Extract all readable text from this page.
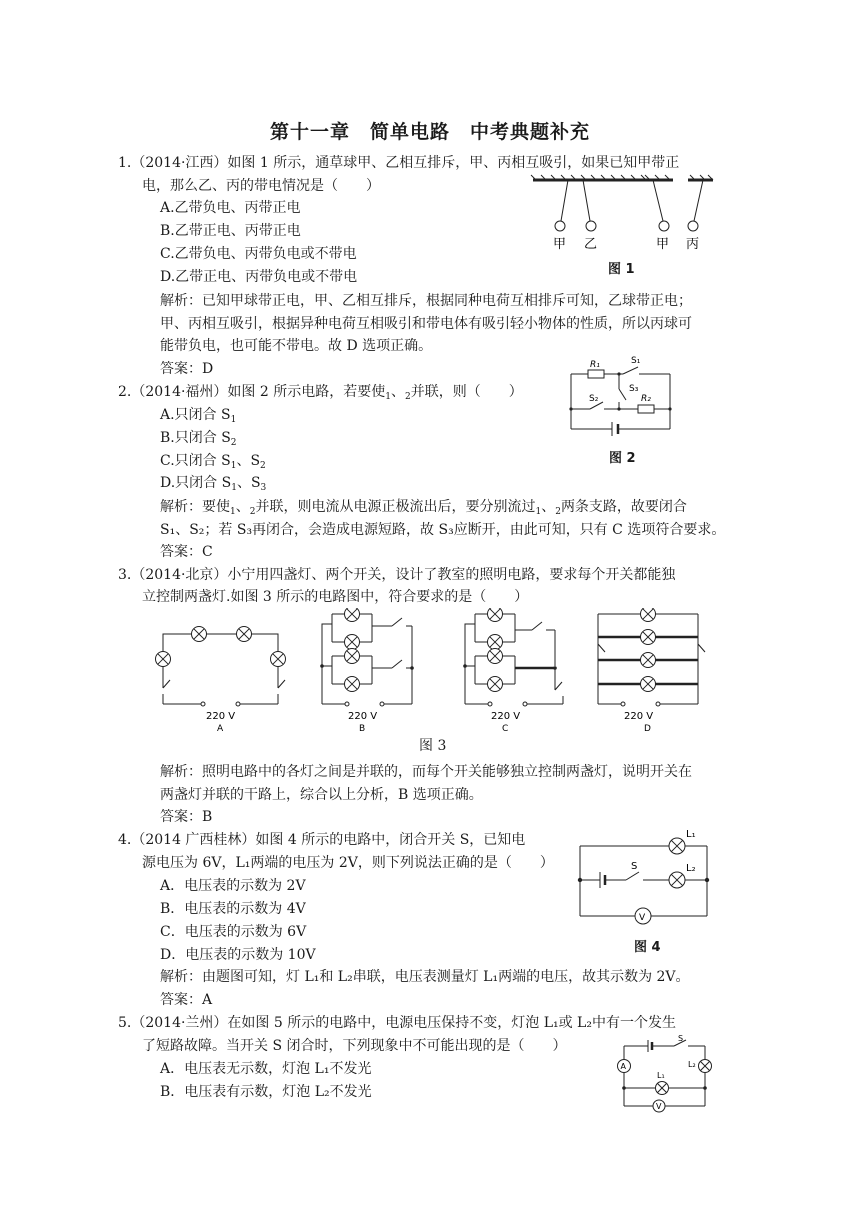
第十一章　简单电路　中考典题补充
1.（2014·江西）如图 1 所示，通草球甲、乙相互排斥，甲、丙相互吸引，如果已知甲带正
电，那么乙、丙的带电情况是（　　）
A.乙带负电、丙带正电
B.乙带正电、丙带正电
C.乙带负电、丙带负电或不带电
D.乙带正电、丙带负电或不带电
解析：已知甲球带正电，甲、乙相互排斥，根据同种电荷互相排斥可知，乙球带正电；
甲、丙相互吸引，根据异种电荷互相吸引和带电体有吸引轻小物体的性质，所以丙球可
能带负电，也可能不带电。故 D 选项正确。
答案：D
甲 乙	甲 丙
图 1
2.（2014·福州）如图 2 所示电路，若要使$_1$、$_2$并联，则（　　）
A.只闭合 $S_1$
B.只闭合 $S_2$
C.只闭合 $S_1$、$S_2$
D.只闭合 $S_1$、$S_3$
解析：要使$_1$、$_2$并联，则电流从电源正极流出后，要分别流过$_1$、$_2$两条支路，故要闭合
S₁、S₂；若 S₃再闭合，会造成电源短路，故 S₃应断开，由此可知，只有 C 选项符合要求。
答案：C
R₁	S₁
S₃
S₂	R₂
图 2
3.（2014·北京）小宁用四盏灯、两个开关，设计了教室的照明电路，要求每个开关都能独
立控制两盏灯.如图 3 所示的电路图中，符合要求的是（　　）
220 V
A
220 V
B
220 V
C
220 V
D
图 3
解析：照明电路中的各灯之间是并联的，而每个开关能够独立控制两盏灯，说明开关在
两盏灯并联的干路上，综合以上分析，B 选项正确。
答案：B
4.（2014 广西桂林）如图 4 所示的电路中，闭合开关 S，已知电
源电压为 6V，L₁两端的电压为 2V，则下列说法正确的是（　　）
A．电压表的示数为 2V
B．电压表的示数为 4V
C．电压表的示数为 6V
D．电压表的示数为 10V
解析：由题图可知，灯 L₁和 L₂串联，电压表测量灯 L₁两端的电压，故其示数为 2V。
答案：A
L₁
L₂
S
V
图 4
5.（2014·兰州）在如图 5 所示的电路中，电源电压保持不变，灯泡 L₁或 L₂中有一个发生
了短路故障。当开关 S 闭合时，下列现象中不可能出现的是（　　）
A．电压表无示数，灯泡 L₁不发光
B．电压表有示数，灯泡 L₂不发光
S
A	L₂
L₁
V
